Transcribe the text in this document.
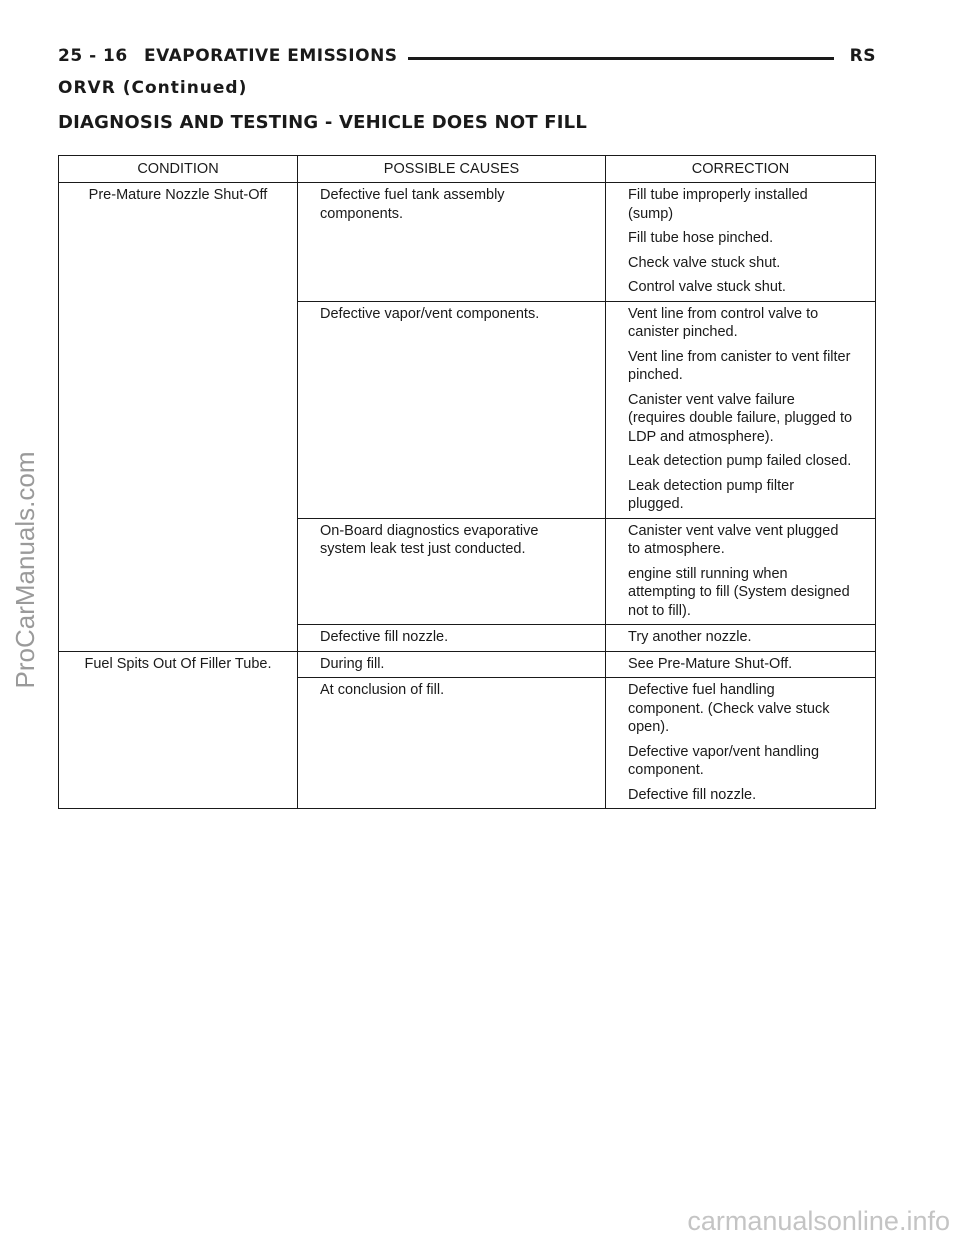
25 - 16 EVAPORATIVE EMISSIONS	RS
ORVR (Continued)
DIAGNOSIS AND TESTING - VEHICLE DOES NOT FILL
CONDITION	POSSIBLE CAUSES	CORRECTION
Pre-Mature Nozzle Shut-Off	Defective fuel tank assembly components.	Fill tube improperly installed (sump)
Fill tube hose pinched.
Check valve stuck shut.
Control valve stuck shut.

	Defective vapor/vent components.	Vent line from control valve to canister pinched.
Vent line from canister to vent filter pinched.
Canister vent valve failure (requires double failure, plugged to LDP and atmosphere).
Leak detection pump failed closed.
Leak detection pump filter plugged.

	On-Board diagnostics evaporative system leak test just conducted.	Canister vent valve vent plugged to atmosphere.
engine still running when attempting to fill (System designed not to fill).

	Defective fill nozzle.	Try another nozzle.

Fuel Spits Out Of Filler Tube.	During fill.	See Pre-Mature Shut-Off.

	At conclusion of fill.	Defective fuel handling component. (Check valve stuck open).
Defective vapor/vent handling component.
Defective fill nozzle.
ProCarManuals.com
carmanualsonline.info
